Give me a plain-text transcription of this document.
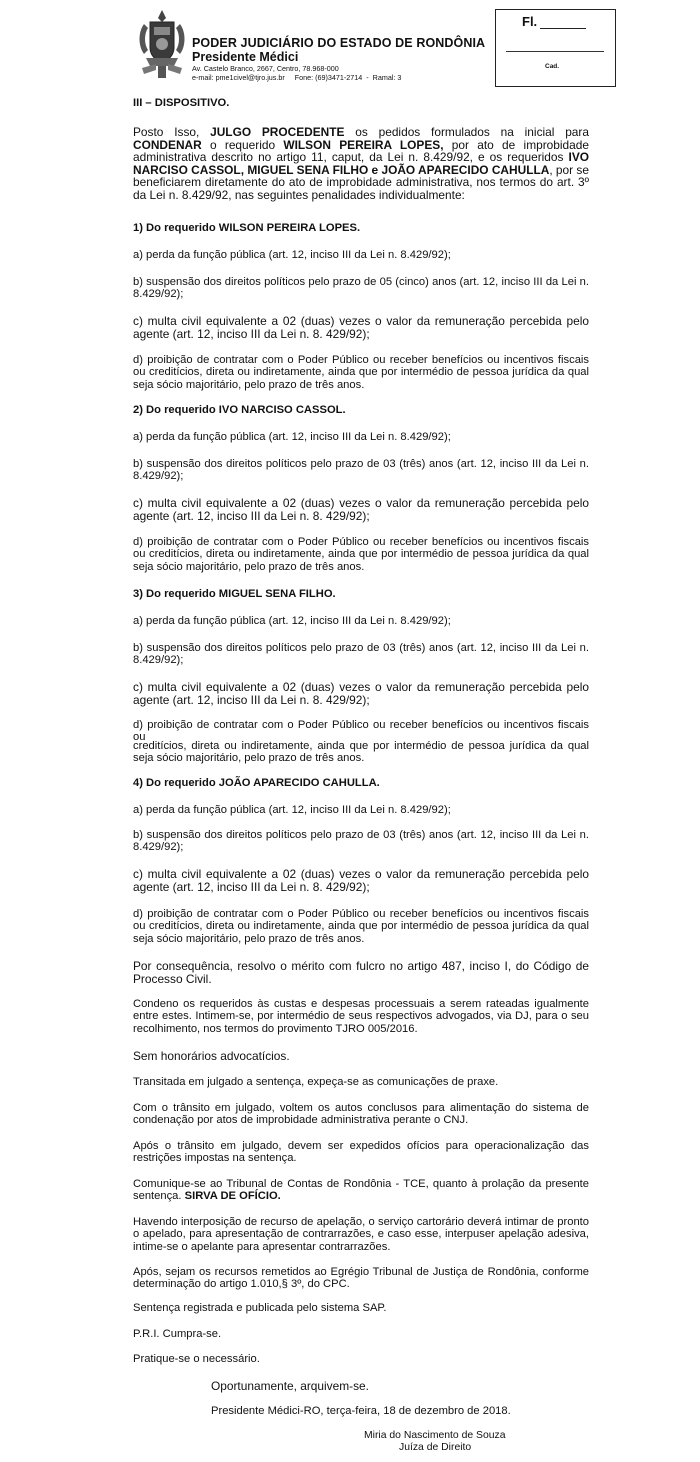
PODER JUDICIÁRIO DO ESTADO DE RONDÔNIA
Presidente Médici
Av. Castelo Branco, 2667, Centro, 78.968-000
e-mail: pme1civel@tjro.jus.br     Fone: (69)3471-2714  -  Ramal: 3
Fl.
Cad.

III – DISPOSITIVO.

Posto Isso, JULGO PROCEDENTE os pedidos formulados na inicial para CONDENAR o requerido WILSON PEREIRA LOPES, por ato de improbidade administrativa descrito no artigo 11, caput, da Lei n. 8.429/92, e os requeridos IVO NARCISO CASSOL, MIGUEL SENA FILHO e JOÃO APARECIDO CAHULLA, por se beneficiarem diretamente do ato de improbidade administrativa, nos termos do art. 3º da Lei n. 8.429/92, nas seguintes penalidades individualmente:

1) Do requerido WILSON PEREIRA LOPES.

a) perda da função pública (art. 12, inciso III da Lei n. 8.429/92);

b) suspensão dos direitos políticos pelo prazo de 05 (cinco) anos (art. 12, inciso III da Lei n. 8.429/92);

c) multa civil equivalente a 02 (duas) vezes o valor da remuneração percebida pelo agente (art. 12, inciso III da Lei n. 8. 429/92);

d) proibição de contratar com o Poder Público ou receber benefícios ou incentivos fiscais ou creditícios, direta ou indiretamente, ainda que por intermédio de pessoa jurídica da qual seja sócio majoritário, pelo prazo de três anos.

2) Do requerido IVO NARCISO CASSOL.

a) perda da função pública (art. 12, inciso III da Lei n. 8.429/92);

b) suspensão dos direitos políticos pelo prazo de 03 (três) anos (art. 12, inciso III da Lei n. 8.429/92);

c) multa civil equivalente a 02 (duas) vezes o valor da remuneração percebida pelo agente (art. 12, inciso III da Lei n. 8. 429/92);

d) proibição de contratar com o Poder Público ou receber benefícios ou incentivos fiscais ou creditícios, direta ou indiretamente, ainda que por intermédio de pessoa jurídica da qual seja sócio majoritário, pelo prazo de três anos.

3) Do requerido MIGUEL SENA FILHO.

a) perda da função pública (art. 12, inciso III da Lei n. 8.429/92);

b) suspensão dos direitos políticos pelo prazo de 03 (três) anos (art. 12, inciso III da Lei n. 8.429/92);

c) multa civil equivalente a 02 (duas) vezes o valor da remuneração percebida pelo agente (art. 12, inciso III da Lei n. 8. 429/92);

d) proibição de contratar com o Poder Público ou receber benefícios ou incentivos fiscais ou

creditícios, direta ou indiretamente, ainda que por intermédio de pessoa jurídica da qual seja sócio majoritário, pelo prazo de três anos.

4) Do requerido JOÃO APARECIDO CAHULLA.

a) perda da função pública (art. 12, inciso III da Lei n. 8.429/92);

b) suspensão dos direitos políticos pelo prazo de 03 (três) anos (art. 12, inciso III da Lei n. 8.429/92);

c) multa civil equivalente a 02 (duas) vezes o valor da remuneração percebida pelo agente (art. 12, inciso III da Lei n. 8. 429/92);

d) proibição de contratar com o Poder Público ou receber benefícios ou incentivos fiscais ou creditícios, direta ou indiretamente, ainda que por intermédio de pessoa jurídica da qual seja sócio majoritário, pelo prazo de três anos.

Por consequência, resolvo o mérito com fulcro no artigo 487, inciso I, do Código de Processo Civil.

Condeno os requeridos às custas e despesas processuais a serem rateadas igualmente entre estes. Intimem-se, por intermédio de seus respectivos advogados, via DJ, para o seu recolhimento, nos termos do provimento TJRO 005/2016.

Sem honorários advocatícios.

Transitada em julgado a sentença, expeça-se as comunicações de praxe.

Com o trânsito em julgado, voltem os autos conclusos para alimentação do sistema de condenação por atos de improbidade administrativa perante o CNJ.

Após o trânsito em julgado, devem ser expedidos ofícios para operacionalização das restrições impostas na sentença.

Comunique-se ao Tribunal de Contas de Rondônia - TCE, quanto à prolação da presente sentença. SIRVA DE OFÍCIO.

Havendo interposição de recurso de apelação, o serviço cartorário deverá intimar de pronto o apelado, para apresentação de contrarrazões, e caso esse, interpuser apelação adesiva, intime-se o apelante para apresentar contrarrazões.

Após, sejam os recursos remetidos ao Egrégio Tribunal de Justiça de Rondônia, conforme determinação do artigo 1.010,§ 3º, do CPC.

Sentença registrada e publicada pelo sistema SAP.

P.R.I. Cumpra-se.

Pratique-se o necessário.

Oportunamente, arquivem-se.
Presidente Médici-RO, terça-feira, 18 de dezembro de 2018.
Miria do Nascimento de Souza
Juíza de Direito
